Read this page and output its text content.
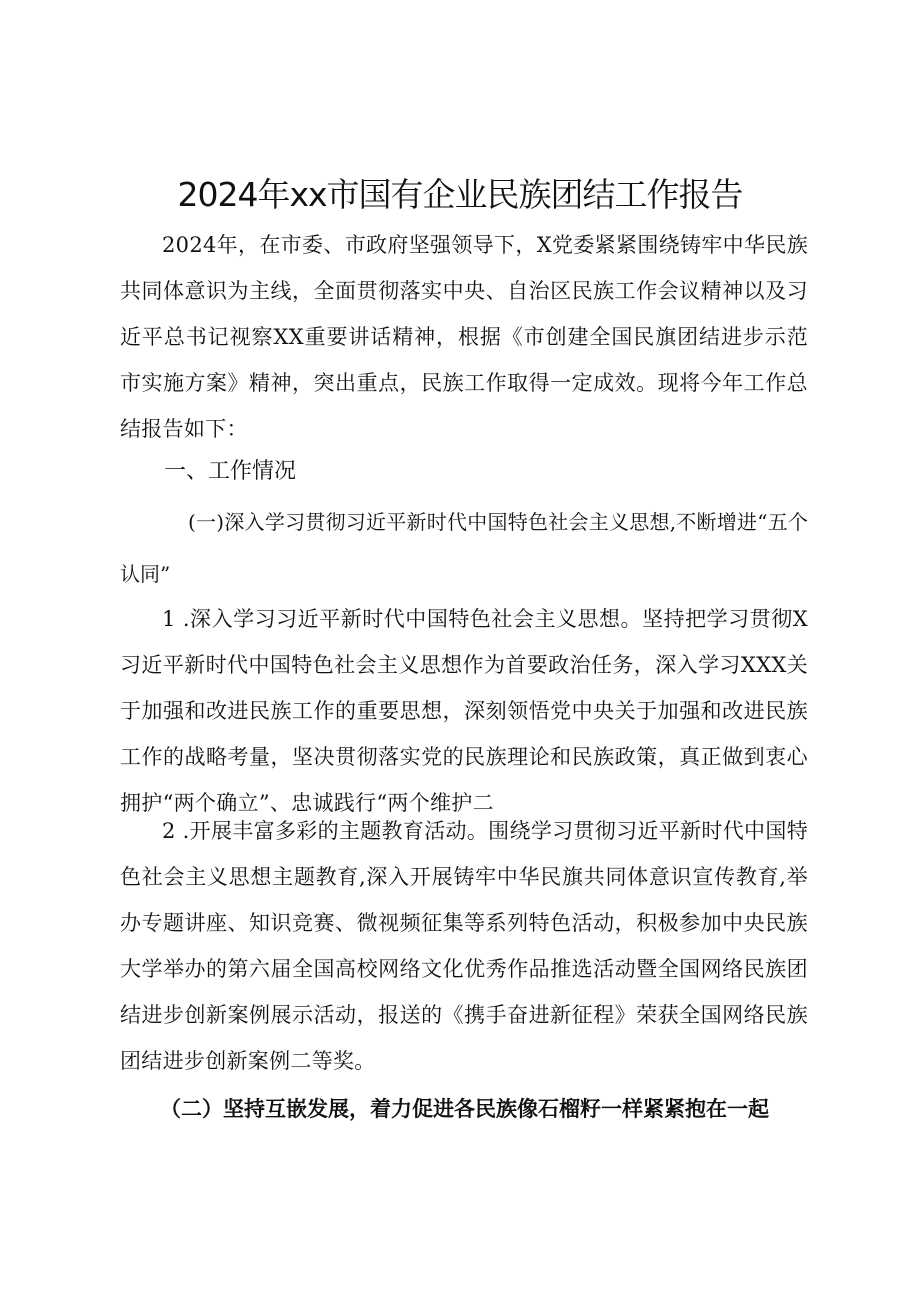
2024年xx市国有企业民族团结工作报告

2024年，在市委、市政府坚强领导下，X党委紧紧围绕铸牢中华民族共同体意识为主线，全面贯彻落实中央、自治区民族工作会议精神以及习近平总书记视察XX重要讲话精神，根据《市创建全国民旗团结进步示范市实施方案》精神，突出重点，民族工作取得一定成效。现将今年工作总结报告如下：

一、工作情况

(一)深入学习贯彻习近平新时代中国特色社会主义思想,不断增进“五个认同”

1 .深入学习习近平新时代中国特色社会主义思想。坚持把学习贯彻X习近平新时代中国特色社会主义思想作为首要政治任务，深入学习XXX关于加强和改进民族工作的重要思想，深刻领悟党中央关于加强和改进民族工作的战略考量，坚决贯彻落实党的民族理论和民族政策，真正做到衷心拥护“两个确立”、忠诚践行“两个维护二

2 .开展丰富多彩的主题教育活动。围绕学习贯彻习近平新时代中国特色社会主义思想主题教育,深入开展铸牢中华民旗共同体意识宣传教育,举办专题讲座、知识竞赛、微视频征集等系列特色活动，积极参加中央民族大学举办的第六届全国高校网络文化优秀作品推选活动暨全国网络民族团结进步创新案例展示活动，报送的《携手奋进新征程》荣获全国网络民族团结进步创新案例二等奖。

（二）坚持互嵌发展，着力促进各民族像石榴籽一样紧紧抱在一起
